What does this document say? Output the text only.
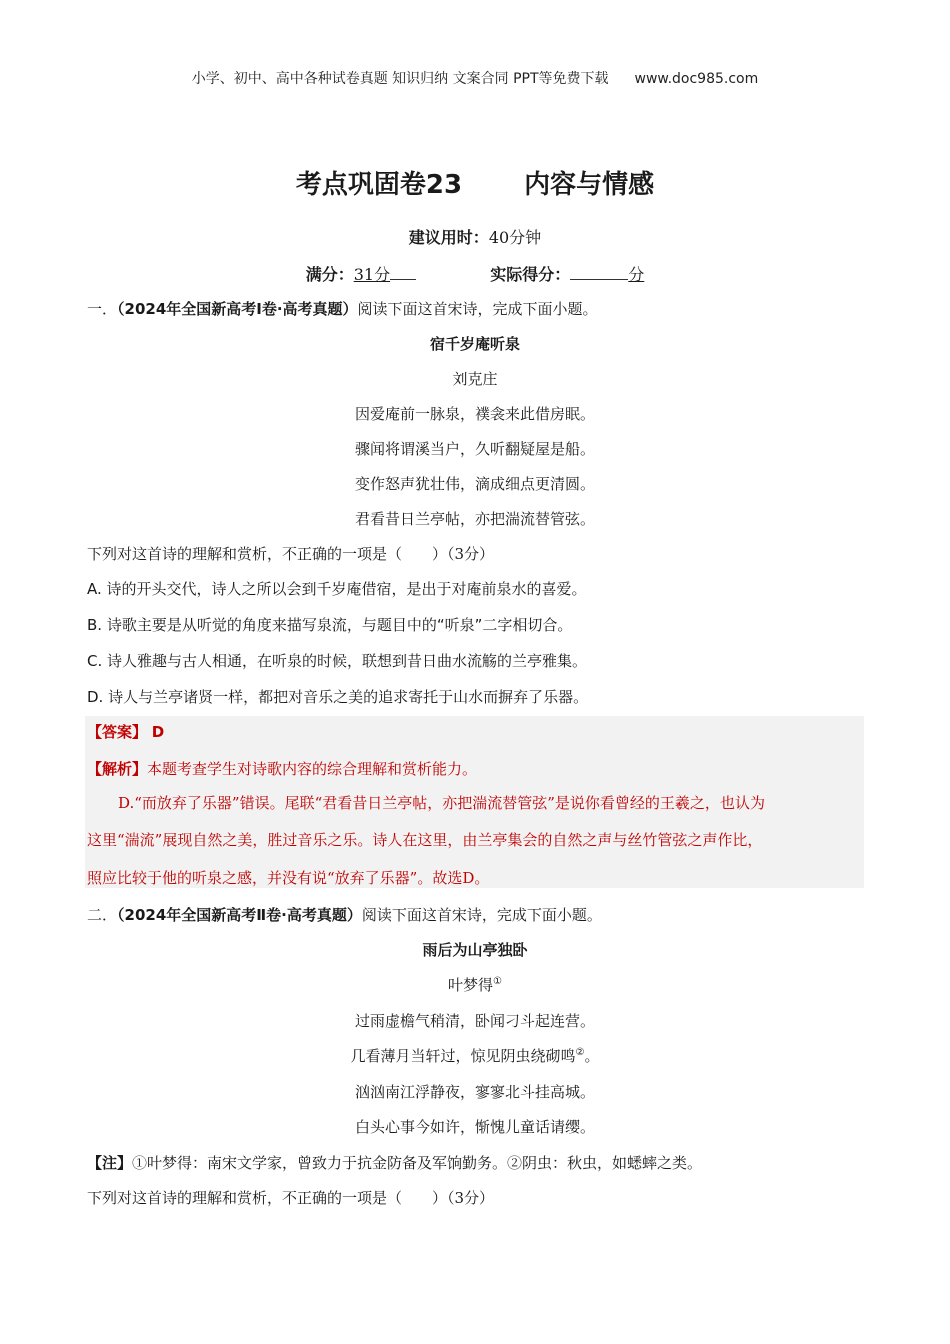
小学、初中、高中各种试卷真题 知识归纳 文案合同 PPT等免费下载 www.doc985.com
考点巩固卷23 内容与情感
建议用时：40分钟
满分：31分	实际得分：	分
一．（2024年全国新高考Ⅰ卷·高考真题）阅读下面这首宋诗，完成下面小题。
宿千岁庵听泉
刘克庄
因爱庵前一脉泉，襆衾来此借房眠。
骤闻将谓溪当户，久听翻疑屋是船。
变作怒声犹壮伟，滴成细点更清圆。
君看昔日兰亭帖，亦把湍流替管弦。
下列对这首诗的理解和赏析，不正确的一项是（　　）（3分）
A. 诗的开头交代，诗人之所以会到千岁庵借宿，是出于对庵前泉水的喜爱。
B. 诗歌主要是从听觉的角度来描写泉流，与题目中的“听泉”二字相切合。
C. 诗人雅趣与古人相通，在听泉的时候，联想到昔日曲水流觞的兰亭雅集。
D. 诗人与兰亭诸贤一样，都把对音乐之美的追求寄托于山水而摒弃了乐器。
【答案】 D
【解析】本题考查学生对诗歌内容的综合理解和赏析能力。
D.“而放弃了乐器”错误。尾联“君看昔日兰亭帖，亦把湍流替管弦”是说你看曾经的王羲之，也认为
这里“湍流”展现自然之美，胜过音乐之乐。诗人在这里，由兰亭集会的自然之声与丝竹管弦之声作比，
照应比较于他的听泉之感，并没有说“放弃了乐器”。故选D。
二．（2024年全国新高考Ⅱ卷·高考真题）阅读下面这首宋诗，完成下面小题。
雨后为山亭独卧
叶梦得①
过雨虚檐气稍清，卧闻刁斗起连营。
几看薄月当轩过，惊见阴虫绕砌鸣②。
汹汹南江浮静夜，寥寥北斗挂高城。
白头心事今如许，惭愧儿童话请缨。
【注】①叶梦得：南宋文学家，曾致力于抗金防备及军饷勤务。②阴虫：秋虫，如蟋蟀之类。
下列对这首诗的理解和赏析，不正确的一项是（　　）（3分）
